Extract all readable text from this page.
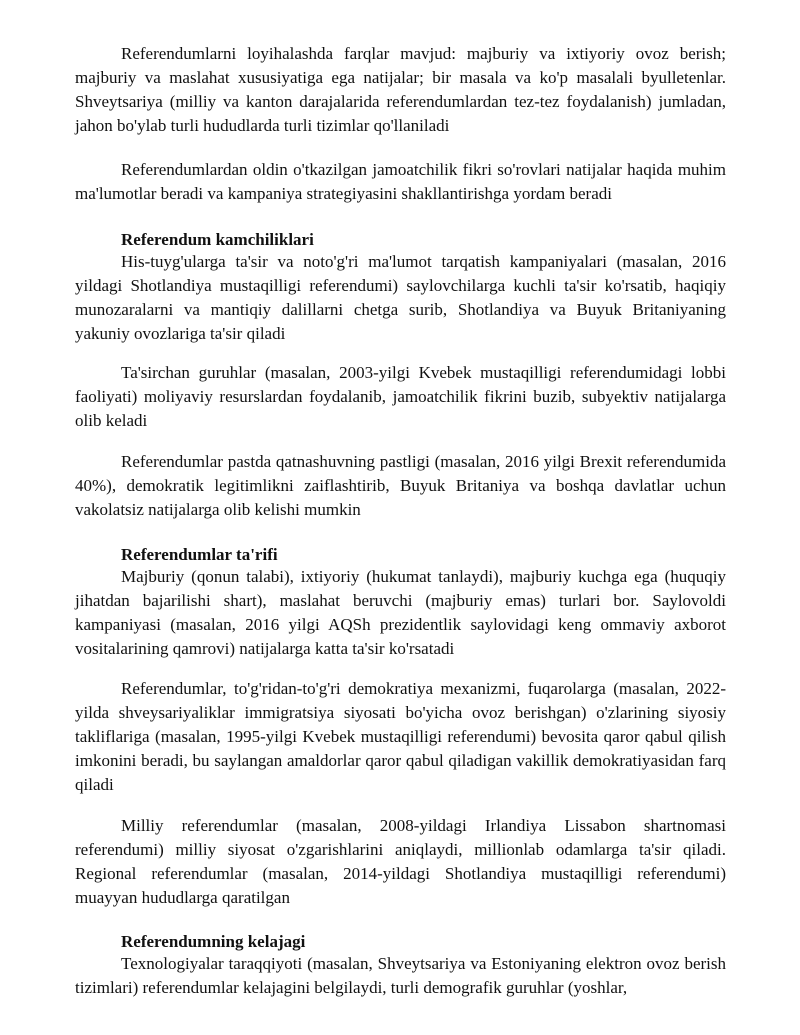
Referendumlarni loyihalashda farqlar mavjud: majburiy va ixtiyoriy ovoz berish; majburiy va maslahat xususiyatiga ega natijalar; bir masala va ko'p masalali byulletenlar. Shveytsariya (milliy va kanton darajalarida referendumlardan tez-tez foydalanish) jumladan, jahon bo'ylab turli hududlarda turli tizimlar qo'llaniladi

Referendumlardan oldin o'tkazilgan jamoatchilik fikri so'rovlari natijalar haqida muhim ma'lumotlar beradi va kampaniya strategiyasini shakllantirishga yordam beradi

Referendum kamchiliklari

His-tuyg'ularga ta'sir va noto'g'ri ma'lumot tarqatish kampaniyalari (masalan, 2016 yildagi Shotlandiya mustaqilligi referendumi) saylovchilarga kuchli ta'sir ko'rsatib, haqiqiy munozaralarni va mantiqiy dalillarni chetga surib, Shotlandiya va Buyuk Britaniyaning yakuniy ovozlariga ta'sir qiladi

Ta'sirchan guruhlar (masalan, 2003-yilgi Kvebek mustaqilligi referendumidagi lobbi faoliyati) moliyaviy resurslardan foydalanib, jamoatchilik fikrini buzib, subyektiv natijalarga olib keladi

Referendumlar pastda qatnashuvning pastligi (masalan, 2016 yilgi Brexit referendumida 40%), demokratik legitimlikni zaiflashtirib, Buyuk Britaniya va boshqa davlatlar uchun vakolatsiz natijalarga olib kelishi mumkin

Referendumlar ta'rifi

Majburiy (qonun talabi), ixtiyoriy (hukumat tanlaydi), majburiy kuchga ega (huquqiy jihatdan bajarilishi shart), maslahat beruvchi (majburiy emas) turlari bor. Saylovoldi kampaniyasi (masalan, 2016 yilgi AQSh prezidentlik saylovidagi keng ommaviy axborot vositalarining qamrovi) natijalarga katta ta'sir ko'rsatadi

Referendumlar, to'g'ridan-to'g'ri demokratiya mexanizmi, fuqarolarga (masalan, 2022-yilda shveysariyaliklar immigratsiya siyosati bo'yicha ovoz berishgan) o'zlarining siyosiy takliflariga (masalan, 1995-yilgi Kvebek mustaqilligi referendumi) bevosita qaror qabul qilish imkonini beradi, bu saylangan amaldorlar qaror qabul qiladigan vakillik demokratiyasidan farq qiladi

Milliy referendumlar (masalan, 2008-yildagi Irlandiya Lissabon shartnomasi referendumi) milliy siyosat o'zgarishlarini aniqlaydi, millionlab odamlarga ta'sir qiladi. Regional referendumlar (masalan, 2014-yildagi Shotlandiya mustaqilligi referendumi) muayyan hududlarga qaratilgan

Referendumning kelajagi

Texnologiyalar taraqqiyoti (masalan, Shveytsariya va Estoniyaning elektron ovoz berish tizimlari) referendumlar kelajagini belgilaydi, turli demografik guruhlar (yoshlar,
